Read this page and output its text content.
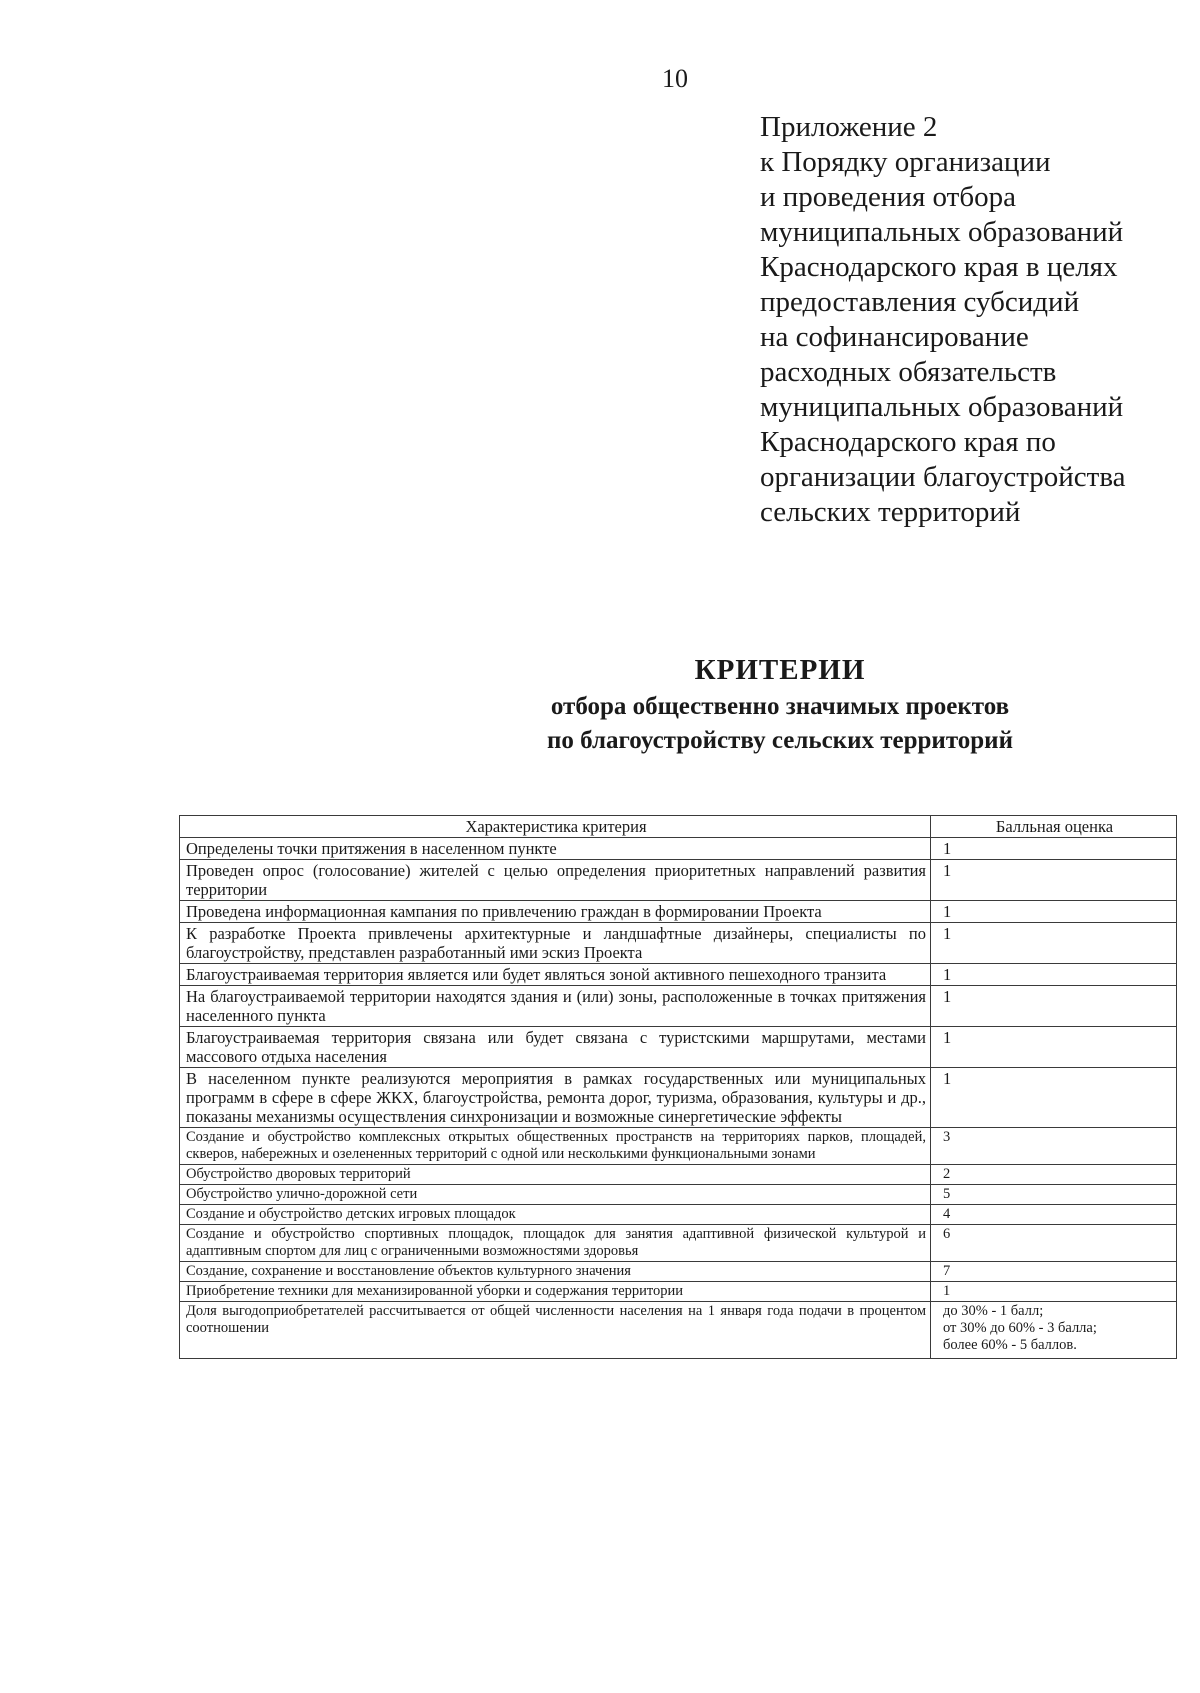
10
Приложение 2
к Порядку организации
и проведения отбора
муниципальных образований
Краснодарского края в целях
предоставления субсидий
на софинансирование
расходных обязательств
муниципальных образований
Краснодарского края по
организации благоустройства
сельских территорий
КРИТЕРИИ
отбора общественно значимых проектов
по благоустройству сельских территорий
Характеристика критерия	Балльная оценка
Определены точки притяжения в населенном пункте	1
Проведен опрос (голосование) жителей с целью определения приоритетных направлений развития территории	1
Проведена информационная кампания по привлечению граждан в формировании Проекта	1
К разработке Проекта привлечены архитектурные и ландшафтные дизайнеры, специалисты по благоустройству, представлен разработанный ими эскиз Проекта	1
Благоустраиваемая территория является или будет являться зоной активного пешеходного транзита	1
На благоустраиваемой территории находятся здания и (или) зоны, расположенные в точках притяжения населенного пункта	1
Благоустраиваемая территория связана или будет связана с туристскими маршрутами, местами массового отдыха населения	1
В населенном пункте реализуются мероприятия в рамках государственных или муниципальных программ в сфере в сфере ЖКХ, благоустройства, ремонта дорог, туризма, образования, культуры и др., показаны механизмы осуществления синхронизации и возможные синергетические эффекты	1
Создание и обустройство комплексных открытых общественных пространств на территориях парков, площадей, скверов, набережных и озелененных территорий с одной или несколькими функциональными зонами	3
Обустройство дворовых территорий	2
Обустройство улично-дорожной сети	5
Создание и обустройство детских игровых площадок	4
Создание и обустройство спортивных площадок, площадок для занятия адаптивной физической культурой и адаптивным спортом для лиц с ограниченными возможностями здоровья	6
Создание, сохранение и восстановление объектов культурного значения	7
Приобретение техники для механизированной уборки и содержания территории	1
Доля выгодоприобретателей рассчитывается от общей численности населения на 1 января года подачи в процентом соотношении	до 30% - 1 балл;
от 30% до 60% - 3 балла;
более 60% - 5 баллов.
